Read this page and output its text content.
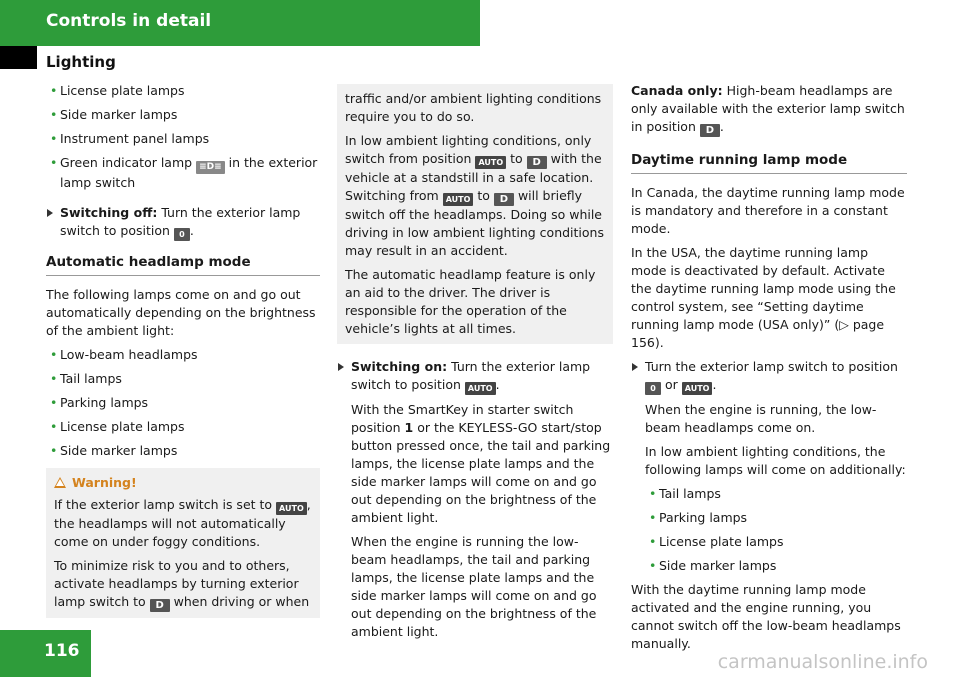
Controls in detail
Lighting
• License plate lamps
• Side marker lamps
• Instrument panel lamps
• Green indicator lamp ≡D≡ in the exterior lamp switch
Switching off: Turn the exterior lamp switch to position 0 .
Automatic headlamp mode

The following lamps come on and go out automatically depending on the brightness of the ambient light:

• Low-beam headlamps
• Tail lamps
• Parking lamps
• License plate lamps
• Side marker lamps
Warning!

If the exterior lamp switch is set to AUTO , the headlamps will not automatically come on under foggy conditions.

To minimize risk to you and to others, activate headlamps by turning exterior lamp switch to D when driving or when

traffic and/or ambient lighting conditions require you to do so.

In low ambient lighting conditions, only switch from position AUTO to D with the vehicle at a standstill in a safe location. Switching from AUTO to D will briefly switch off the headlamps. Doing so while driving in low ambient lighting conditions may result in an accident.

The automatic headlamp feature is only an aid to the driver. The driver is responsible for the operation of the vehicle’s lights at all times.

Switching on: Turn the exterior lamp switch to position AUTO .

With the SmartKey in starter switch position 1 or the KEYLESS-GO start/stop button pressed once, the tail and parking lamps, the license plate lamps and the side marker lamps will come on and go out depending on the brightness of the ambient light.

When the engine is running the low-beam headlamps, the tail and parking lamps, the license plate lamps and the side marker lamps will come on and go out depending on the brightness of the ambient light.

Canada only: High-beam headlamps are only available with the exterior lamp switch in position D .

Daytime running lamp mode

In Canada, the daytime running lamp mode is mandatory and therefore in a constant mode.

In the USA, the daytime running lamp mode is deactivated by default. Activate the daytime running lamp mode using the control system, see “Setting daytime running lamp mode (USA only)” (▷ page 156).

Turn the exterior lamp switch to position 0 or AUTO .

When the engine is running, the low-beam headlamps come on.

In low ambient lighting conditions, the following lamps will come on additionally:

• Tail lamps
• Parking lamps
• License plate lamps
• Side marker lamps

With the daytime running lamp mode activated and the engine running, you cannot switch off the low-beam headlamps manually.

116	carmanualsonline.info
